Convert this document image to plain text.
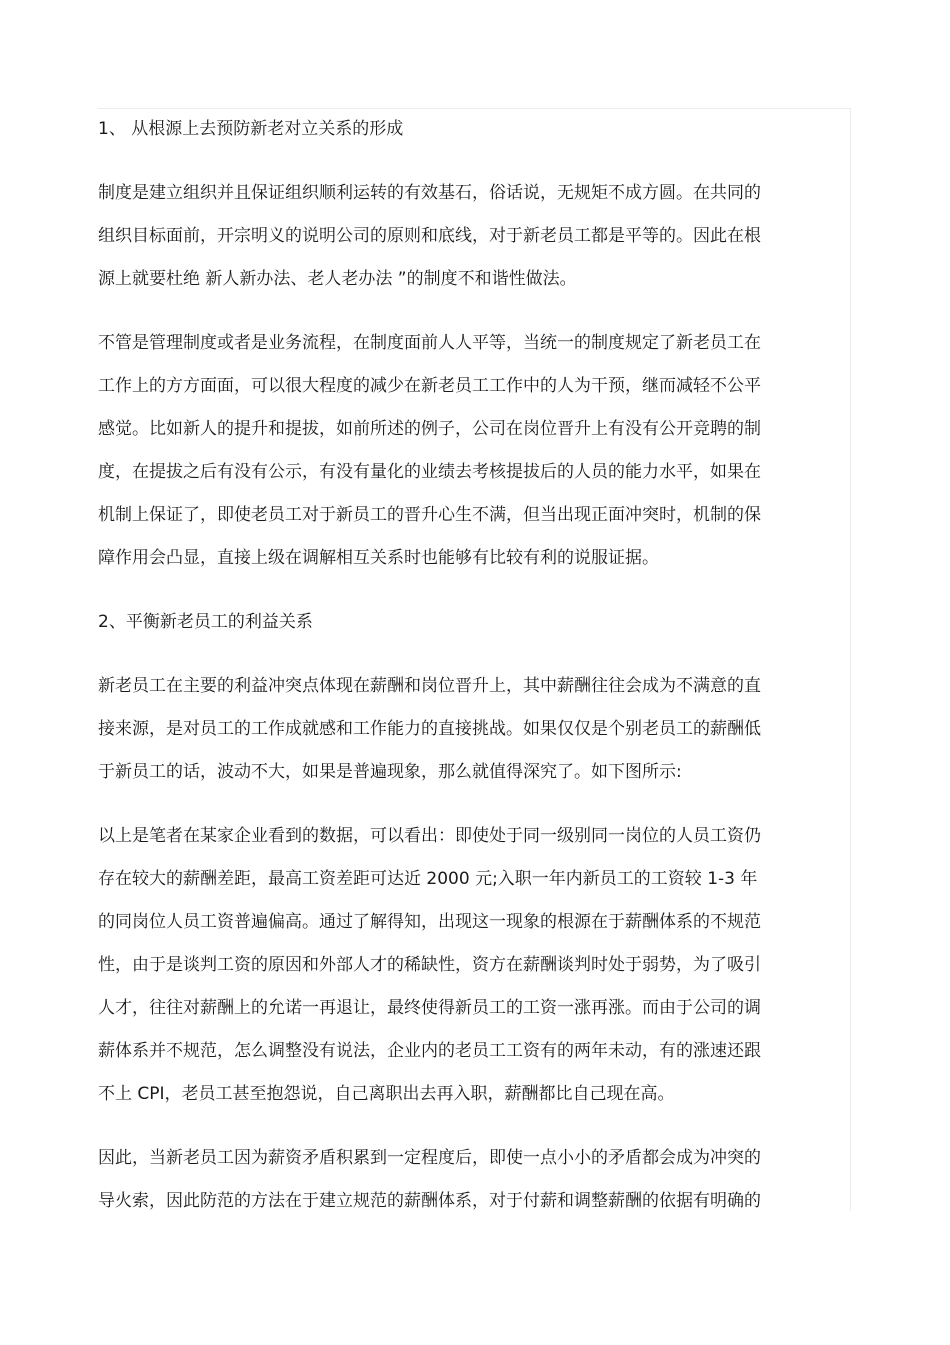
1、 从根源上去预防新老对立关系的形成
制度是建立组织并且保证组织顺利运转的有效基石，俗话说，无规矩不成方圆。在共同的
组织目标面前，开宗明义的说明公司的原则和底线，对于新老员工都是平等的。因此在根
源上就要杜绝 新人新办法、老人老办法 ”的制度不和谐性做法。
不管是管理制度或者是业务流程，在制度面前人人平等，当统一的制度规定了新老员工在
工作上的方方面面，可以很大程度的减少在新老员工工作中的人为干预，继而减轻不公平
感觉。比如新人的提升和提拔，如前所述的例子，公司在岗位晋升上有没有公开竞聘的制
度，在提拔之后有没有公示，有没有量化的业绩去考核提拔后的人员的能力水平，如果在
机制上保证了，即使老员工对于新员工的晋升心生不满，但当出现正面冲突时，机制的保
障作用会凸显，直接上级在调解相互关系时也能够有比较有利的说服证据。
2、平衡新老员工的利益关系
新老员工在主要的利益冲突点体现在薪酬和岗位晋升上，其中薪酬往往会成为不满意的直
接来源，是对员工的工作成就感和工作能力的直接挑战。如果仅仅是个别老员工的薪酬低
于新员工的话，波动不大，如果是普遍现象，那么就值得深究了。如下图所示:
以上是笔者在某家企业看到的数据，可以看出：即使处于同一级别同一岗位的人员工资仍
存在较大的薪酬差距，最高工资差距可达近 2000 元;入职一年内新员工的工资较 1-3 年
的同岗位人员工资普遍偏高。通过了解得知，出现这一现象的根源在于薪酬体系的不规范
性，由于是谈判工资的原因和外部人才的稀缺性，资方在薪酬谈判时处于弱势，为了吸引
人才，往往对薪酬上的允诺一再退让，最终使得新员工的工资一涨再涨。而由于公司的调
薪体系并不规范，怎么调整没有说法，企业内的老员工工资有的两年未动，有的涨速还跟
不上 CPI，老员工甚至抱怨说，自己离职出去再入职，薪酬都比自己现在高。
因此，当新老员工因为薪资矛盾积累到一定程度后，即使一点小小的矛盾都会成为冲突的
导火索，因此防范的方法在于建立规范的薪酬体系，对于付薪和调整薪酬的依据有明确的
